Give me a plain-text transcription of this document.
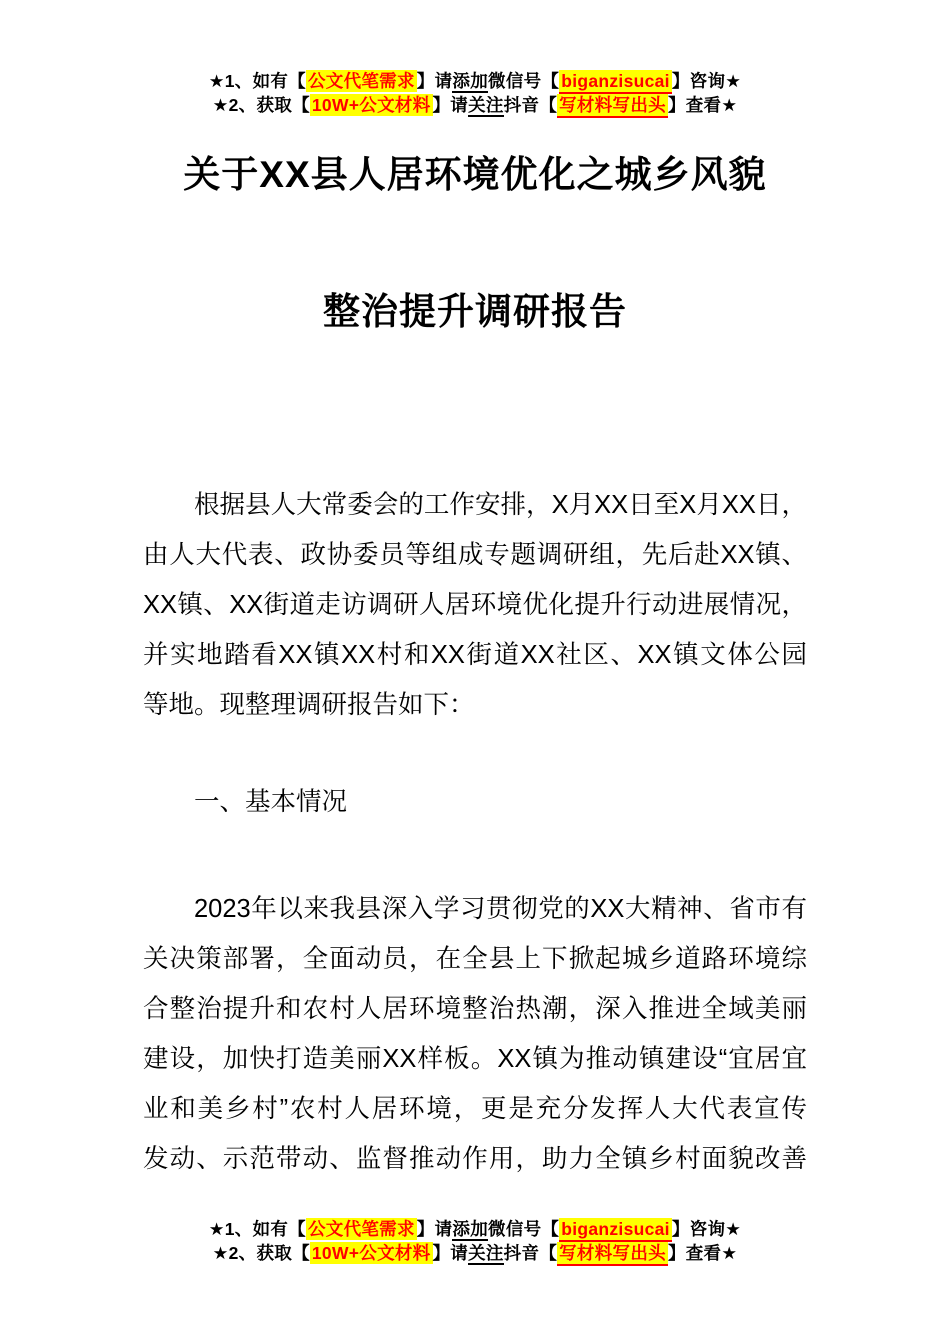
★1、如有【 公文代笔需求 】请添加微信号【 biganzisucai 】咨询★
★2、获取【 10W+公文材料 】请关注抖音【 写材料写出头 】查看★
关于XX县人居环境优化之城乡风貌
整治提升调研报告
根据县人大常委会的工作安排，X月XX日至X月XX日，
由人大代表、政协委员等组成专题调研组，先后赴XX镇、
XX镇、XX街道走访调研人居环境优化提升行动进展情况，
并实地踏看XX镇XX村和XX街道XX社区、XX镇文体公园
等地。现整理调研报告如下：
一、基本情况
2023年以来我县深入学习贯彻党的XX大精神、省市有
关决策部署，全面动员，在全县上下掀起城乡道路环境综
合整治提升和农村人居环境整治热潮，深入推进全域美丽
建设，加快打造美丽XX样板。XX镇为推动镇建设“宜居宜
业和美乡村”农村人居环境，更是充分发挥人大代表宣传
发动、示范带动、监督推动作用，助力全镇乡村面貌改善
★1、如有【 公文代笔需求 】请添加微信号【 biganzisucai 】咨询★
★2、获取【 10W+公文材料 】请关注抖音【 写材料写出头 】查看★
